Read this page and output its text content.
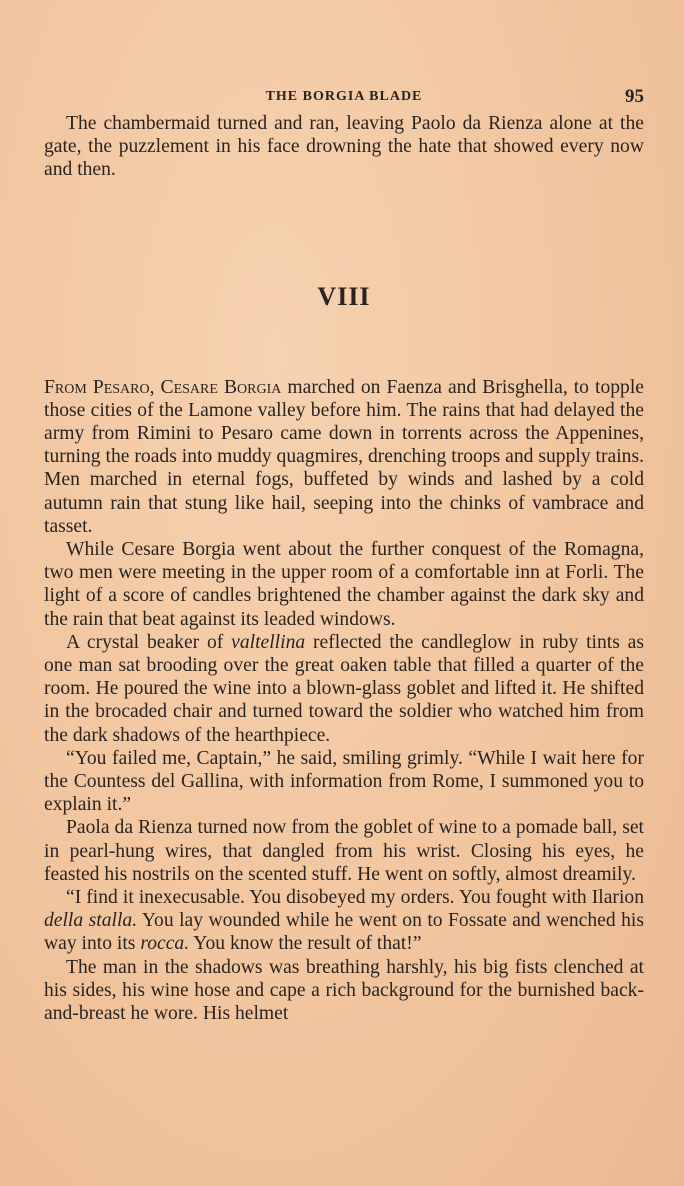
THE BORGIA BLADE	95

The chambermaid turned and ran, leaving Paolo da Rienza alone at the gate, the puzzlement in his face drowning the hate that showed every now and then.

VIII

From Pesaro, Cesare Borgia marched on Faenza and Brisghella, to topple those cities of the Lamone valley before him. The rains that had delayed the army from Rimini to Pesaro came down in torrents across the Appenines, turning the roads into muddy quagmires, drenching troops and supply trains. Men marched in eternal fogs, buffeted by winds and lashed by a cold autumn rain that stung like hail, seeping into the chinks of vambrace and tasset.

While Cesare Borgia went about the further conquest of the Romagna, two men were meeting in the upper room of a comfortable inn at Forli. The light of a score of candles brightened the chamber against the dark sky and the rain that beat against its leaded windows.

A crystal beaker of valtellina reflected the candleglow in ruby tints as one man sat brooding over the great oaken table that filled a quarter of the room. He poured the wine into a blown-glass goblet and lifted it. He shifted in the brocaded chair and turned toward the soldier who watched him from the dark shadows of the hearthpiece.

“You failed me, Captain,” he said, smiling grimly. “While I wait here for the Countess del Gallina, with information from Rome, I summoned you to explain it.”

Paola da Rienza turned now from the goblet of wine to a pomade ball, set in pearl-hung wires, that dangled from his wrist. Closing his eyes, he feasted his nostrils on the scented stuff. He went on softly, almost dreamily.

“I find it inexecusable. You disobeyed my orders. You fought with Ilarion della stalla. You lay wounded while he went on to Fossate and wenched his way into its rocca. You know the result of that!”

The man in the shadows was breathing harshly, his big fists clenched at his sides, his wine hose and cape a rich background for the burnished back-and-breast he wore. His helmet
